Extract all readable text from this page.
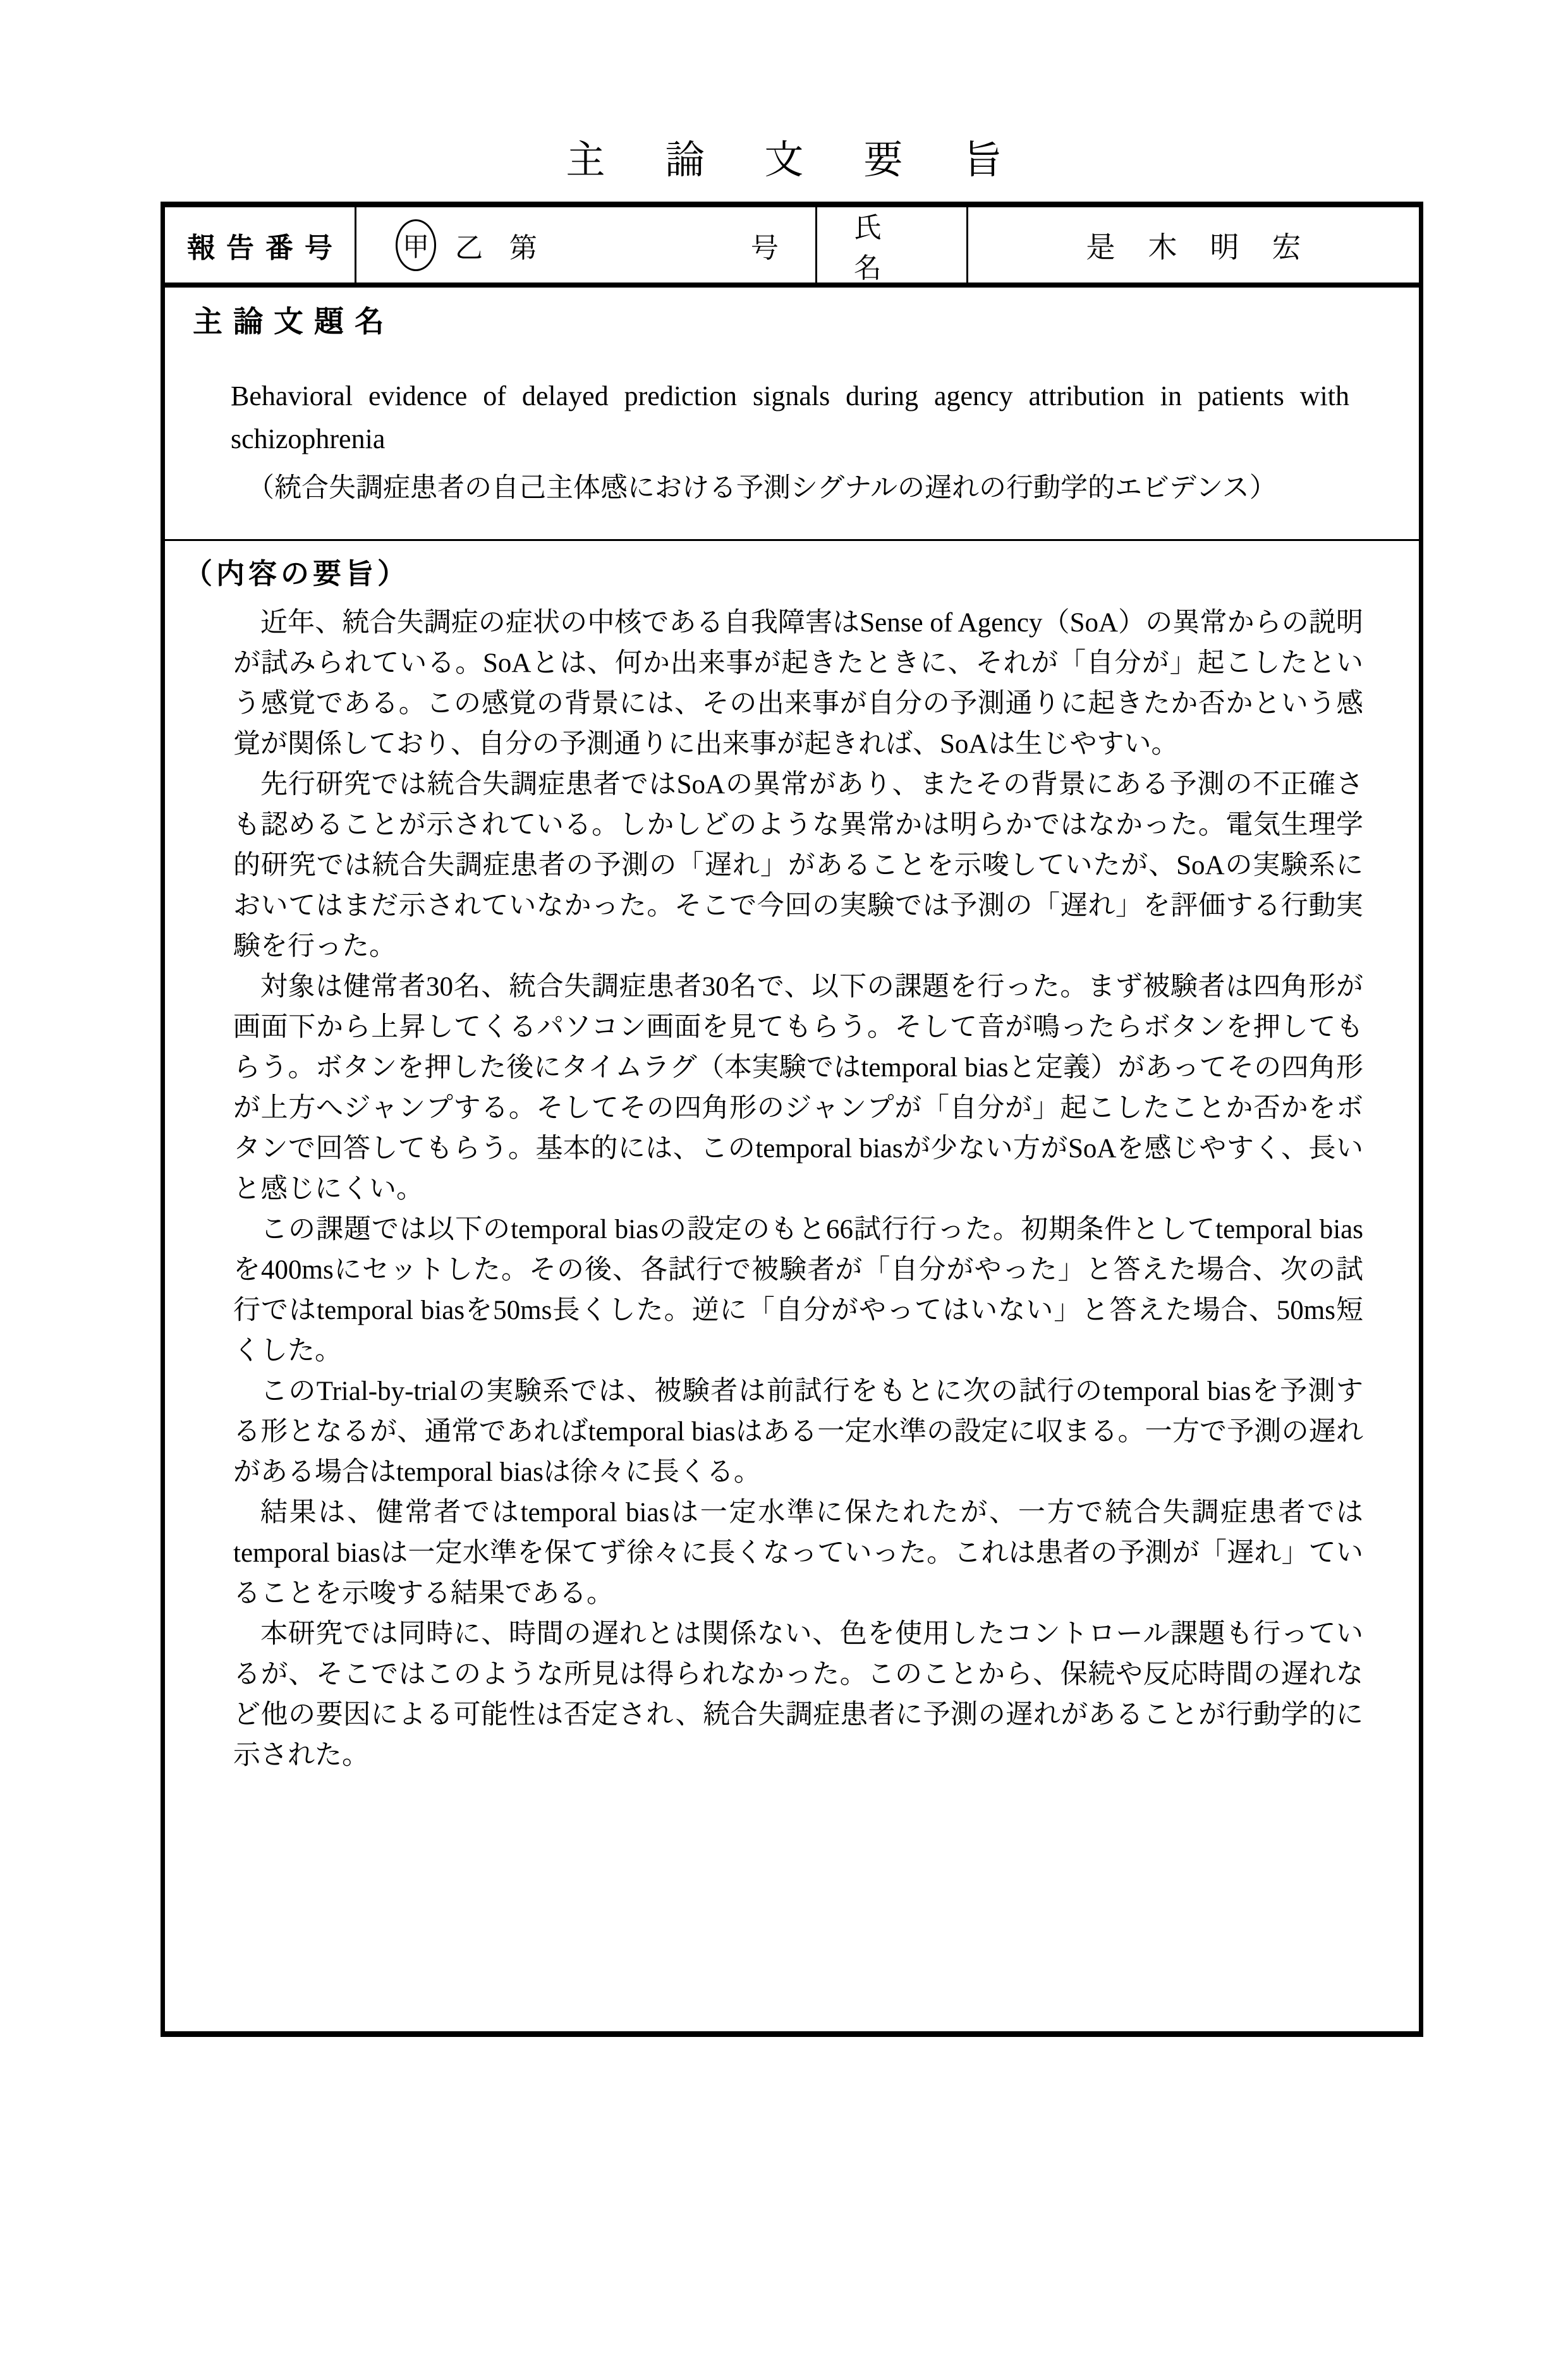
主論文要旨
報告番号	甲 乙 第	号
氏名
是木明宏
主論文題名
Behavioral evidence of delayed prediction signals during agency attribution in patients with schizophrenia
（統合失調症患者の自己主体感における予測シグナルの遅れの行動学的エビデンス）
（内容の要旨）

近年、統合失調症の症状の中核である自我障害はSense of Agency（SoA）の異常からの説明が試みられている。SoAとは、何か出来事が起きたときに、それが「自分が」起こしたという感覚である。この感覚の背景には、その出来事が自分の予測通りに起きたか否かという感覚が関係しており、自分の予測通りに出来事が起きれば、SoAは生じやすい。

先行研究では統合失調症患者ではSoAの異常があり、またその背景にある予測の不正確さも認めることが示されている。しかしどのような異常かは明らかではなかった。電気生理学的研究では統合失調症患者の予測の「遅れ」があることを示唆していたが、SoAの実験系においてはまだ示されていなかった。そこで今回の実験では予測の「遅れ」を評価する行動実験を行った。

対象は健常者30名、統合失調症患者30名で、以下の課題を行った。まず被験者は四角形が画面下から上昇してくるパソコン画面を見てもらう。そして音が鳴ったらボタンを押してもらう。ボタンを押した後にタイムラグ（本実験ではtemporal biasと定義）があってその四角形が上方へジャンプする。そしてその四角形のジャンプが「自分が」起こしたことか否かをボタンで回答してもらう。基本的には、このtemporal biasが少ない方がSoAを感じやすく、長いと感じにくい。

この課題では以下のtemporal biasの設定のもと66試行行った。初期条件としてtemporal biasを400msにセットした。その後、各試行で被験者が「自分がやった」と答えた場合、次の試行ではtemporal biasを50ms長くした。逆に「自分がやってはいない」と答えた場合、50ms短くした。

このTrial-by-trialの実験系では、被験者は前試行をもとに次の試行のtemporal biasを予測する形となるが、通常であればtemporal biasはある一定水準の設定に収まる。一方で予測の遅れがある場合はtemporal biasは徐々に長くる。

結果は、健常者ではtemporal biasは一定水準に保たれたが、一方で統合失調症患者ではtemporal biasは一定水準を保てず徐々に長くなっていった。これは患者の予測が「遅れ」ていることを示唆する結果である。

本研究では同時に、時間の遅れとは関係ない、色を使用したコントロール課題も行っているが、そこではこのような所見は得られなかった。このことから、保続や反応時間の遅れなど他の要因による可能性は否定され、統合失調症患者に予測の遅れがあることが行動学的に示された。
